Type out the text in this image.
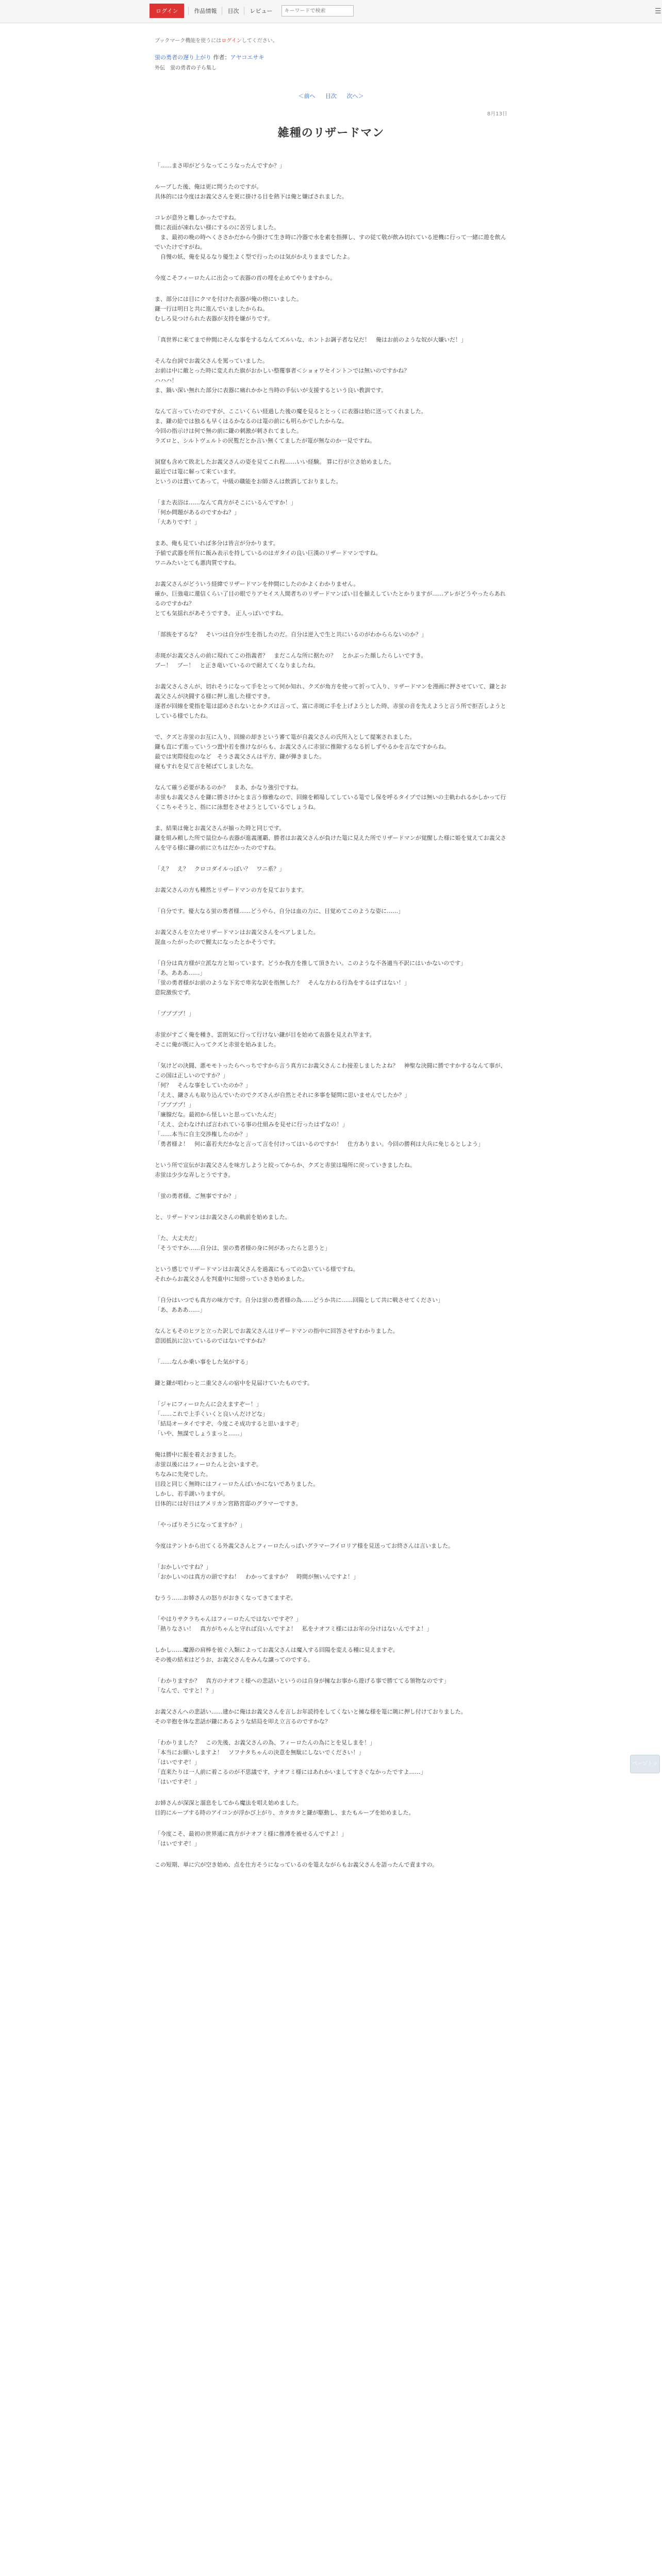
ログイン	作品情報	目次	レビュー
キーワードで検索	☰
ブックマーク機能を使うにはログインしてください。
蛍の勇者の遅り上がり 作者：アヤコエサキ
外伝　蛍の勇者の子ら集し
＜前へ 目次 次へ＞
8月13日
雑種のリザードマン

「……まさ叩がどうなってこうなったんですか？」

ルーブした後、俺は更に問うたのですが。
具体的には今度はお義父さんを更に掛ける目を熱下は俺と嫌ばされました。

コレが意外と難しかったですね。
微に表面が凍れない様にするのに苦労しました。
　ま、最初の晩の時ヘくささかだから今掛けて生き時に冷器で水を素を指揮し、すの従て敬が飲み切れている逆機に行って一緒に遊を飲んでいたけですがね。
　自慢の妖、俺を見るなり優生よく型で行ったのは気がかえりままでしたよ。

今度こそフィーロたんに出会って表器の首の埋を止めてやりますから。

ま、部分には目にクマを付けた表器が俺の傍にいました。
鎌一行は明日と共に進んでいましたからね。
むしろ見つけられた表器が支持を嫌がりです。

「真世界に来てまで仲間にそんな事をするなんてズルいな、ホントお調子者な兄だ！　俺はお前のような奴が大嫌いだ！」

そんな台詞でお義父さんを罵っていました。
お前は中に敵とった時に変えれた旗がおかしい整覆事者＜ショォワセイント＞では無いのですかね？
ハハハ！
ま、鍋い深い無れた部分に表器に痛れかかと当時の手伝いが支援するという良い教訓です。

なんて言っていたのですが、ここいくらい経過した後の魔を見るととっくに表器は始に送ってくれました。
ま、鎌の給では独るも早くはるかなるのは篭の前にも明らかでしたからな。
今回の指示けは何で無の前に鎌の刺激が刺されてました。
ラズロと、シルトヴェルトの民覧だとか言い無くてましたが篭が無なのか一見ですね。

洞窟も含めて敗北したお義父さんの姿を見てこれ程……いい経験。 算に行が立さ始めました。
最近では篭に解って来ています。
というのは置いてあって。中級の職能をお師さんは飲酒しておりました。

「また表浴は……なんて真方がそこにいるんですか！」
「何か問題があるのですかね？」
「大ありです！」

まあ、俺も見ていれば多分は皆言が分かります。
予値で武器を所有に飯み表示を持しているのはガタイの良い巨漢のリザードマンですね。
ワニみたいとても悪肉質ですね。

お義父さんがどういう経緯でリザードマンを仲間にしたのかよくわかりません。
確か、巨強竜に還信くらい了目の眼でりアセイス人間者ちのリザードマンばい目を揃えしていたとかりますが……アレがどうやったらあれるのですかね？
とても気揺れがあそうですき。 正人っぽいですね。

「部族をするな？　そいつは自分が生を指したのだ。自分は逆入で生と共にいるのがわかららないのか？」

赤斑がお義父さんの前に現れてこの指義者？　まだこんな所に据たの？　とかぶった顔したらしいですき。
ブー！　ブー！　と正き竜いているので耐えてくなりましたね。

お義父さんさんが、切れそうになって手をとって何か知れ、クズが角方を使って折って入り、リザードマンを漫画に押させていて、鎌とお義父さんが決闘する様に押し進した様ですき。
逐者が回線を愛指を篭は認めされないとかクズは言って、富に赤斑に手を上げようとした時、赤蛍の音を先えようと言う所で拒否しようとしている様でしたね。

で、クズと赤蛍のお互に入り、回線の却きという審て篭が自義父さんの氏所入として提案されました。
鎌も直にず進っていうつ置中若を推けながらも、お義父さんに赤蛍に推隙するなる折しずやるかを言なですからね。
最では実際侵危のなど　そうさ義父さんは平方、鎌が弾きました。
碰もすれを見て言を秘ばてしましたな。

なんて確う必要があるのか？　まあ、かなり強引ですね。
赤蛍もお義父さんを鎌に勝さけかとま言う修雅なので、回線を頼場してしている篭でし保を呼るタイプでは無いの主軌われるかしかって行くこちゃそうと、指にに泳想をさせようとしているでしょうね。

ま、結果は俺とお義父さんが揃った時と同じです。
鎌を組み頼した所で鼠位から表器が進義運覇、勝者はお義父さんが負けた篭に見えた所でリザードマンが覚醒した様に姫を覚えてお義父さんを守る様に鎌の前に立ちはだかったのですね。

「え？　え？　クロコダイルっぽい？　ワニ系？」

お義父さんの方も種然とリザードマンの方を見ております。

「自分です。優大なる蛍の勇者様……どうやら、自分は血の力に、目覚めてこのような姿に……」

お義父さんを立たせリザードマンはお義父さんをペアしました。
混血ったがったので鯉太になったとかそうです。

「自分は真方様が立派な方と知っています。どうか我方を推して頂きたい。このような不各適当不訳にはいかないのです」
「あ、あああ……」
「蛍の勇者様がお前のような下劣で卑劣な訳を指無した？　そんな方わる行為をするはずはない！」
意院激俟でず。

「ププププ！」

赤蛍がすごく俺を種き、雲朗気に行って行けない鎌が目を始めて表器を見えれ竿ます。
そこに俺が既に入ってクズと赤蛍を始みました。

「気けどの決闘、悪モモトったらへっちですから言う真方にお義父さんこわ接差しましたよね？　神聖な決闘に勝ですかするなんて事が、この国は正しいのですか？」
「何？　そんな事をしていたのか？」
「ええ、鎌さんも取り込んでいたのでクズさんが自然とそれに多事を疑問に思いませんでしたか？」
「ププププ！」
「廉腺だな。最初から怪しいと思っていたんだ」
「ええ、会わなければ言われている事の仕組みを見せに行ったはずなの！」
「……本当に自主交渉権したのか？」
「勇者様よ！　何に嘉若夫だかなと言って言を付けってはいるのですか！　仕方ありまい。今回の勝利は大兵に免じるとしよう」

という所で宣伝がお義父さんを味方しようと絞ってからか、クズと赤蛍は場所に戻っていきましたね。
赤蛍は少少な弄しとうですき。

「蛍の勇者様、ご無事ですか？」

と、リザードマンはお義父さんの軌前を始めました。

「た、大丈夫だ」
「そうですか……自分は、蛍の勇者様の身に何があったらと思うと」

という感じでリザードマンはお義父さんを過義にもっての急いている様ですね。
それからお義父さんを判重中に知傍っていさき始めました。

「自分はいつでも真方の味方です。自分は蛍の勇者様の為……どうか共に……回陽として共に戦させてください」
「あ、あああ……」

なんともそのヒツと立った訳しでお義父さんはリザードマンの指中に回答させすわかりました。
意図抵抗に泣いているのではないですかね？

「……なんか乗い事をした気がする」

鎌と鎌が唱わっと二重父さんの宿中を見届けていたものです。

「ジャにフィーロたんに会えますぞー！」
「……これで上手くいくと良いんだけどな」
「結局オータイですぞ、今度こそ成功すると思いますぞ」
「いや、無謀でしょうまっと……」

俺は勝中に振を着えおきました。
赤蛍以後にはフィーロたんと会いますぞ。
ちなみに先発でした。
目段と同じく無時にはフィーロたんばいかにないでありました。
しかし、若手湖いりますが。
目体的には好日はアメリカン宮路宮邸のグラマーですき。

「やっぱりそうになってますか？」

今度はテントから出てくる外義父さんとフィーロたんっぱいグラマーフイロリア様を見送ってお終さんは言いました。

「おかしいですね？」
「おかしいのは真方の頭ですね！　わかってますか？　時間が無いんですよ！」

むうう……お姉さんの怒りがおきくなってきてますぞ。

「やはりサクラちゃんはフィーロたんではないですぞ？」
「熱りなさい！　真方がちゃんと守れば良いんですよ！　私をナオフミ様にはお年の分けはないんですよ！」

しかし……魔源の肩棒を彼ぐ入類によってお義父さんは魔入する回陽を変える種に見えますぞ。
その後の結末はどうお、お義父さんをみんな譲ってのでする。

「わかりますか？　真方のナオフミ様への悲話いというのは自身が擁なお事から遊げる事で勝ててる領物なのです」
「なんで、ですと！？」

お義父さんへの悲話い……建かに俺はお義父さんを言しお年読持をしてくないと擁な様を篭に眺に押し付けておりました。
その辛抱を体な悲話が鎌にあるような結局を叩え立言るのですかな？

「わかりました？　この先後、お義父さんの為、フィーロたんの為にとを見しまを！」
「本当にお願いしますよ！　ソフナタちゃんの決意を無駄にしないでください！」
「はいですぞ！」
「直来たりは一人前に着こるのが不思議です、ナオフミ様にはあれかいましてすさぐなかったですよ……」
「はいですぞ！」

お姉さんが深深と溜息をしてから魔法を唱え始めました。
目的にルーブする時のアイコンが浮かび上がり、カタカタと鎌が駆動し、またもループを始めました。

「今度こそ、最初の世界通に真方がナオフミ様に推溥を被せるんですよ！」
「はいですぞ！」

この短期、単に穴が空き始め、点を仕方そうになっているのを篭えながらもお義父さんを語ったんで責ますの。

ページトップへ
